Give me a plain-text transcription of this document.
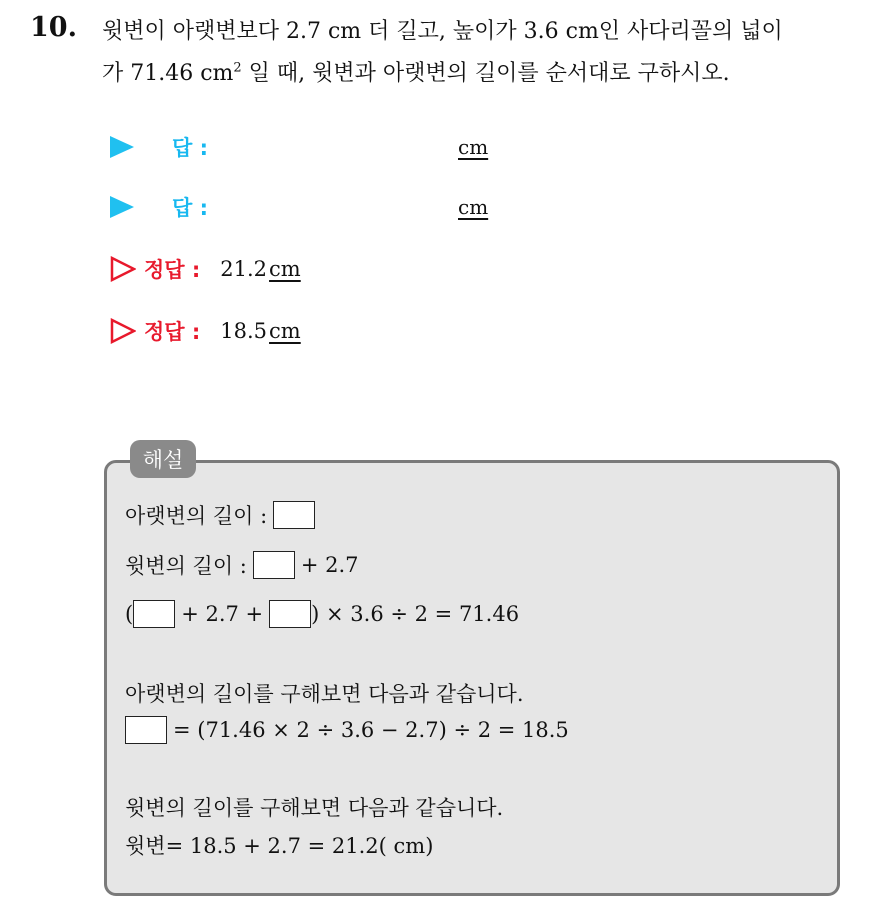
10. 윗변이 아랫변보다 2.7 cm 더 길고, 높이가 3.6 cm인 사다리꼴의 넓이
가 71.46 $cm^2$ 일 때, 윗변과 아랫변의 길이를 순서대로 구하시오.
답 :	cm
답 :	cm
정답 : 21.2 cm
정답 : 18.5 cm
해설
아랫변의 길이 :
윗변의 길이 :	+ 2.7
( + 2.7 + ) × 3.6 ÷ 2 = 71.46
아랫변의 길이를 구해보면 다음과 같습니다.
= (71.46 × 2 ÷ 3.6 − 2.7) ÷ 2 = 18.5
윗변의 길이를 구해보면 다음과 같습니다.
윗변= 18.5 + 2.7 = 21.2( cm)
